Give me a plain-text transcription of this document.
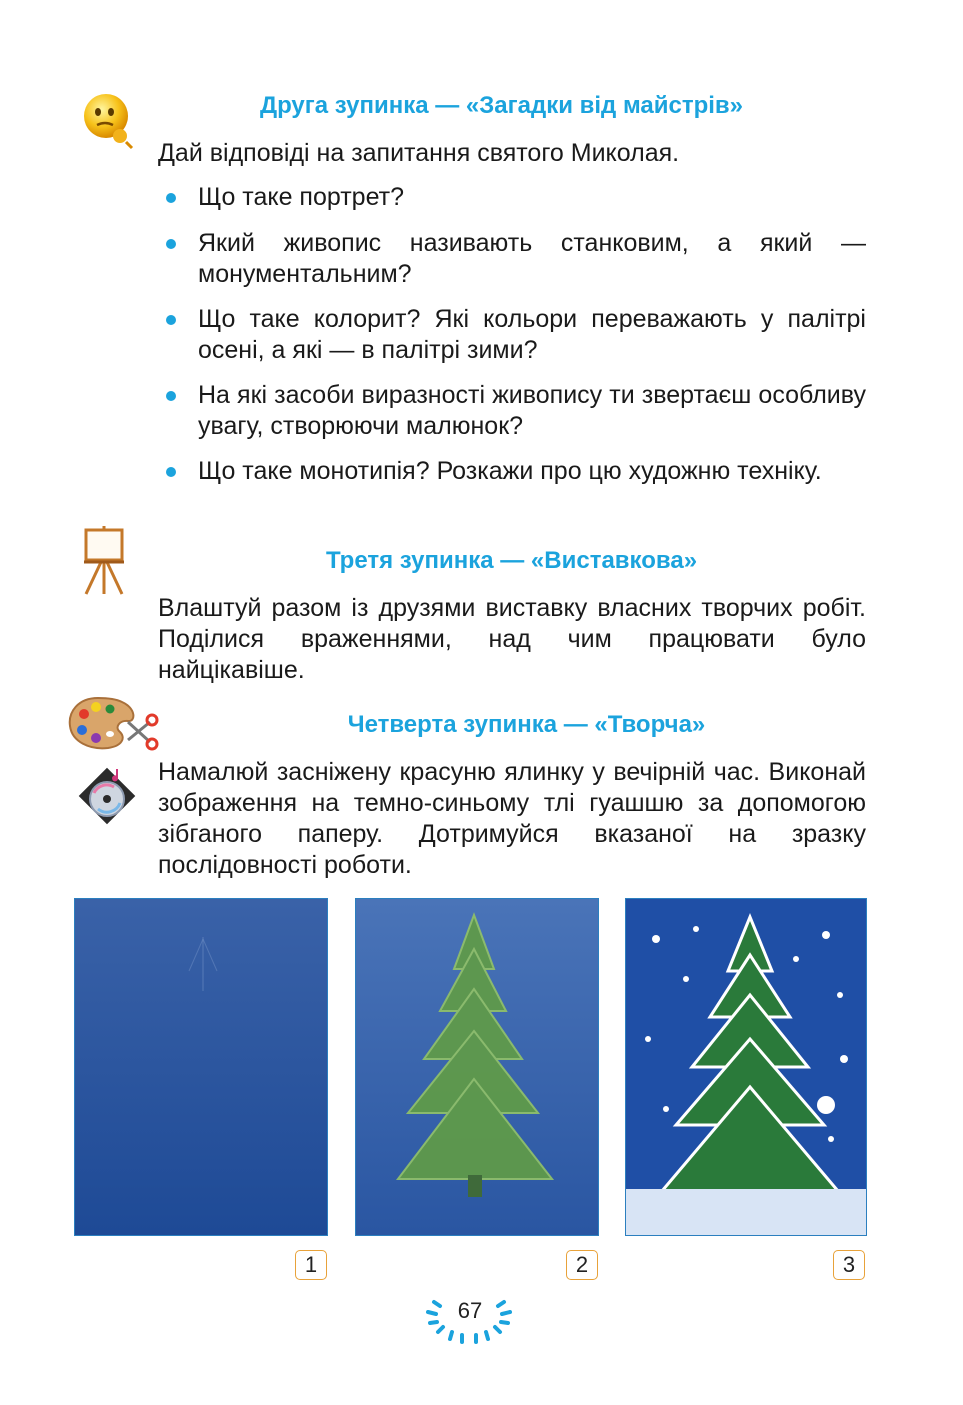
Друга зупинка — «Загадки від майстрів»
Дай відповіді на запитання святого Миколая.
Що таке портрет?
Який живопис називають станковим, а який — монументальним?
Що таке колорит? Які кольори переважають у палітрі осені, а які — в палітрі зими?
На які засоби виразності живопису ти звертаєш особливу увагу, створюючи малюнок?
Що таке монотипія? Розкажи про цю художню техніку.
Третя зупинка — «Виставкова»
Влаштуй разом із друзями виставку власних творчих робіт. Поділися враженнями, над чим працювати було найцікавіше.
Четверта зупинка — «Творча»
Намалюй засніжену красуню ялинку у вечірній час. Виконай зображення на темно-синьому тлі гуашшю за допомогою зібганого паперу. Дотримуйся вказаної на зразку послідовності роботи.
1	2	3
67
